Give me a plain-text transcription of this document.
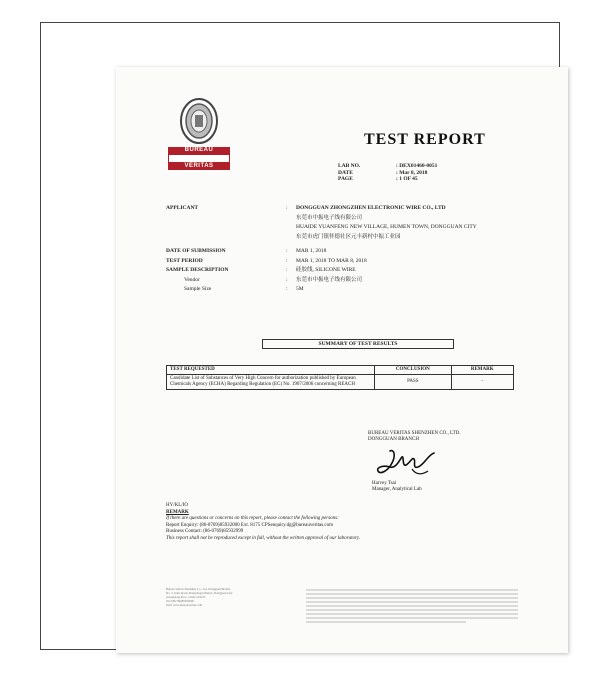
BUREAU

VERITAS
TEST REPORT
LAB NO.	: DEX01460-0051
DATE	: Mar 8, 2018
PAGE	: 1 OF 45
APPLICANT	:	DONGGUAN ZHONGZHEN ELECTRONIC WIRE CO., LTD
东莞市中振电子线有限公司
HUAIDE YUANFENG NEW VILLAGE, HUMEN TOWN, DONGGUAN CITY
东莞市虎门镇怀德社区元丰新村中振工业园
DATE OF SUBMISSION	:	MAR 1, 2018
TEST PERIOD	:	MAR 1, 2018 TO MAR 8, 2018
SAMPLE DESCRIPTION	:	硅胶线, SILICONE WIRE
Vendor	:	东莞市中振电子线有限公司
Sample Size	:	5M
SUMMARY OF TEST RESULTS
TEST REQUESTED	CONCLUSION	REMARK
Candidate List of Substances of Very High Concern for authorization published by European Chemicals Agency (ECHA) Regarding Regulation (EC) No. 1907/2006 concerning REACH	PASS	-
BUREAU VERITAS SHENZHEN CO., LTD.
DONGGUAN BRANCH
Harvey Tsai
Manager, Analytical Lab
HY/KL/IO
REMARK
If there are questions or concerns on this report, please contact the following persons:
Report Enquiry: (86-0769)85932000 Ext. 8175 CPSenquiry.dg@bureauveritas.com
Business Contact: (86-0769)85932999
This report shall not be reproduced except in full, without the written approval of our laboratory.
Bureau Veritas Shenzhen Co., Ltd. Dongguan Branch
No. 3, Jiahe Road, Dongcheng District, Dongguan City
Guangdong Prov., China 523125
Tel: (86-769)85932000
Web: www.bureauveritas.com
